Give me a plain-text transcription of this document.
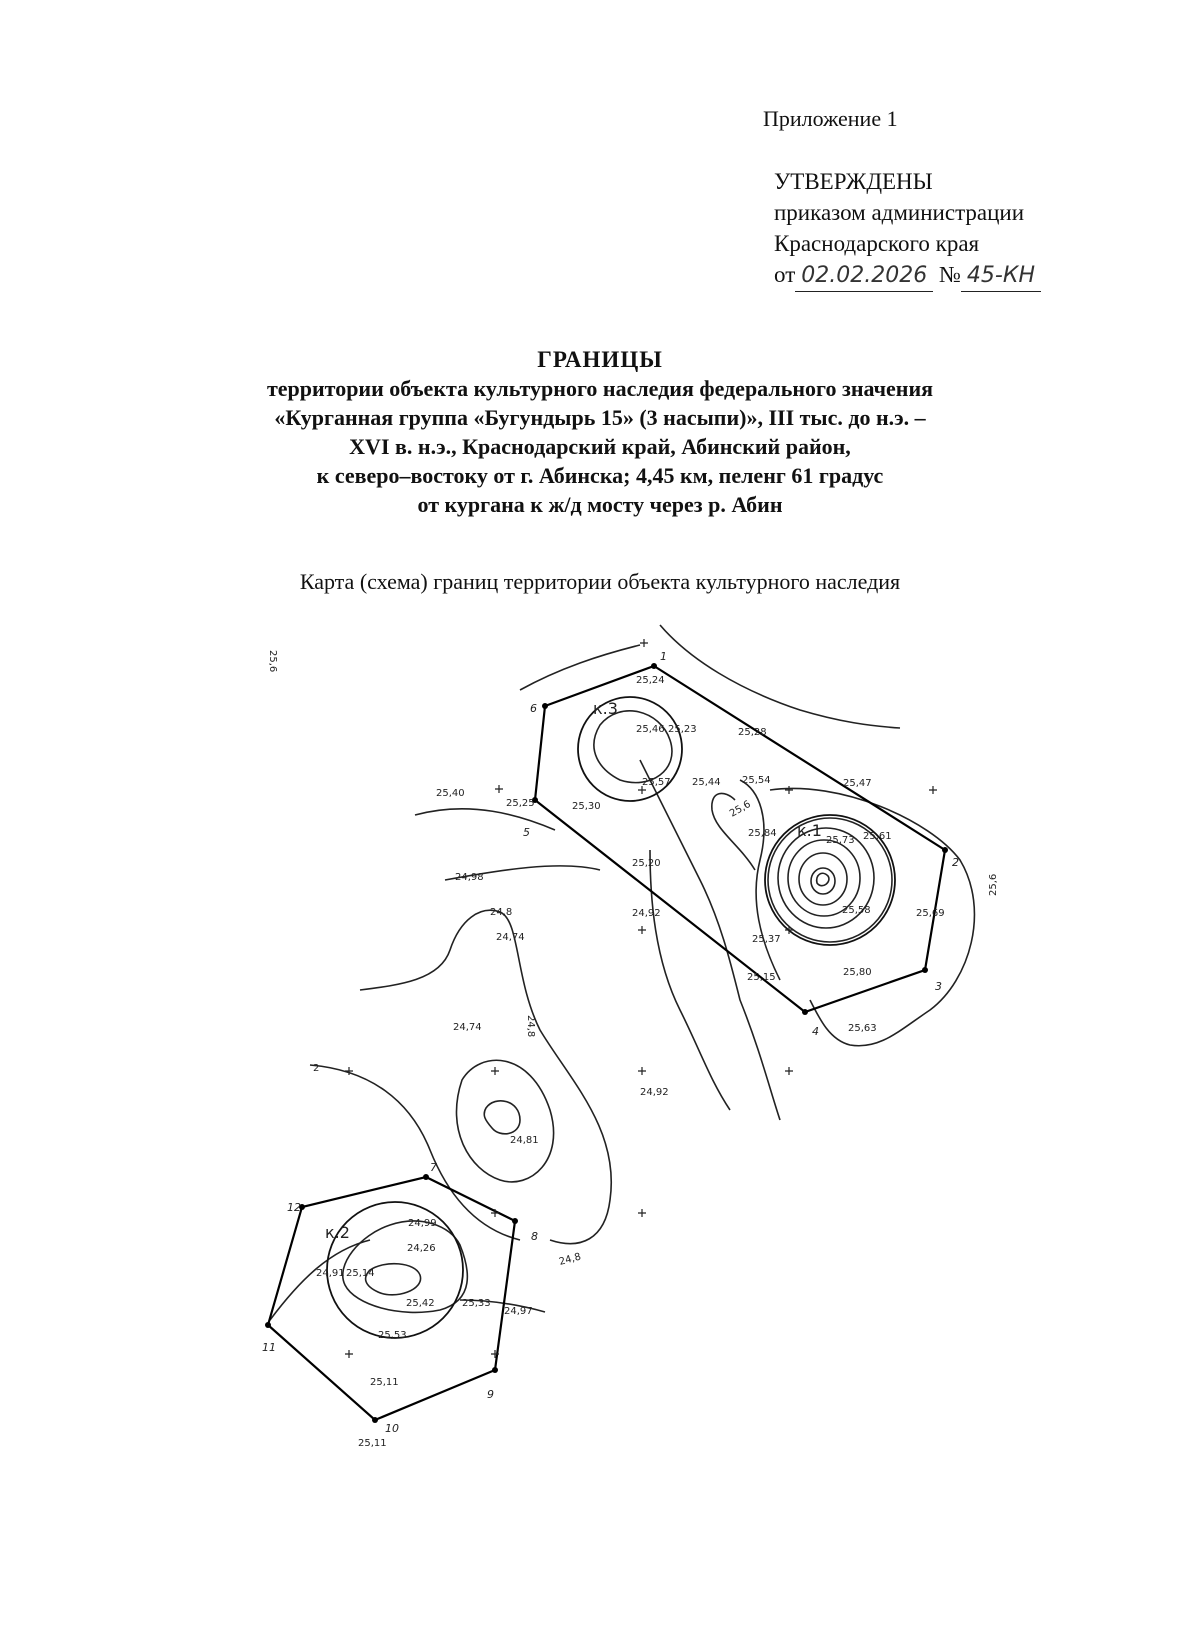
Приложение 1
УТВЕРЖДЕНЫ
приказом администрации
Краснодарского края
от 02.02.2026 № 45-КН
ГРАНИЦЫ
территории объекта культурного наследия федерального значения
«Курганная группа «Бугундырь 15» (3 насыпи)», III тыс. до н.э. –
XVI в. н.э., Краснодарский край, Абинский район,
к северо–востоку от г. Абинска; 4,45 км, пеленг 61 градус
от кургана к ж/д мосту через р. Абин
Карта (схема) границ территории объекта культурного наследия
к.3
к.1
к.2
1
2
3
4
5
6
7
8
9
10
11
12
25,6
25,6
24,8
24,8
24,8
25,6
2
25,24
25,28
25,46 25,23
25,57 25,44 25,54	25,47
25,40
25,25	25,30
25,84
25,73 25,61
25,20
24,98
24,92	25,58	25,69
24,74	25,37
25,15	25,80
24,74	25,63
24,92
24,81
24,99
24,26
24,91 25,14
25,42	25,33
24,97
25,53
25,11
25,11
